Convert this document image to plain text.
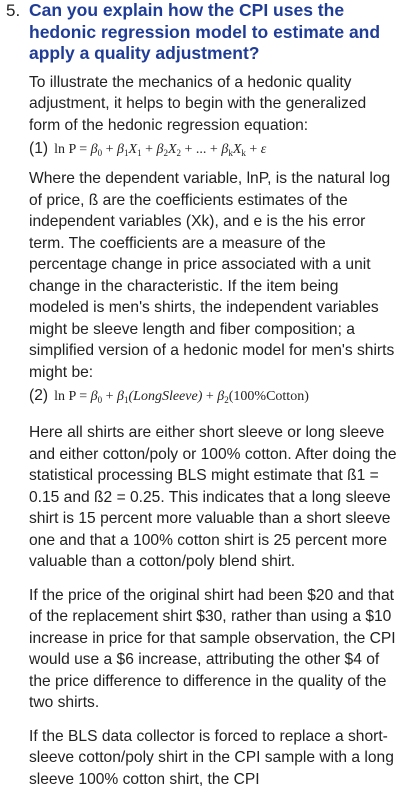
5. Can you explain how the CPI uses the hedonic regression model to estimate and apply a quality adjustment?

To illustrate the mechanics of a hedonic quality adjustment, it helps to begin with the generalized form of the hedonic regression equation:

(1) $\ln P = \beta_0 + \beta_1X_1 + \beta_2X_2$ + ... + $\beta_kX_k + \varepsilon$

Where the dependent variable, lnP, is the natural log of price, ß are the coefficients estimates of the independent variables (Xk), and e is the his error term. The coefficients are a measure of the percentage change in price associated with a unit change in the characteristic. If the item being modeled is men's shirts, the independent variables might be sleeve length and fiber composition; a simplified version of a hedonic model for men's shirts might be:

(2) $\ln P = \beta_0$ + $\beta_1(LongSleeve)$ + $\beta_2(100\%Cotton)$

Here all shirts are either short sleeve or long sleeve and either cotton/poly or 100% cotton. After doing the statistical processing BLS might estimate that ß1 = 0.15 and ß2 = 0.25. This indicates that a long sleeve shirt is 15 percent more valuable than a short sleeve one and that a 100% cotton shirt is 25 percent more valuable than a cotton/poly blend shirt.

If the price of the original shirt had been $20 and that of the replacement shirt $30, rather than using a $10 increase in price for that sample observation, the CPI would use a $6 increase, attributing the other $4 of the price difference to difference in the quality of the two shirts.

If the BLS data collector is forced to replace a short-sleeve cotton/poly shirt in the CPI sample with a long sleeve 100% cotton shirt, the CPI
